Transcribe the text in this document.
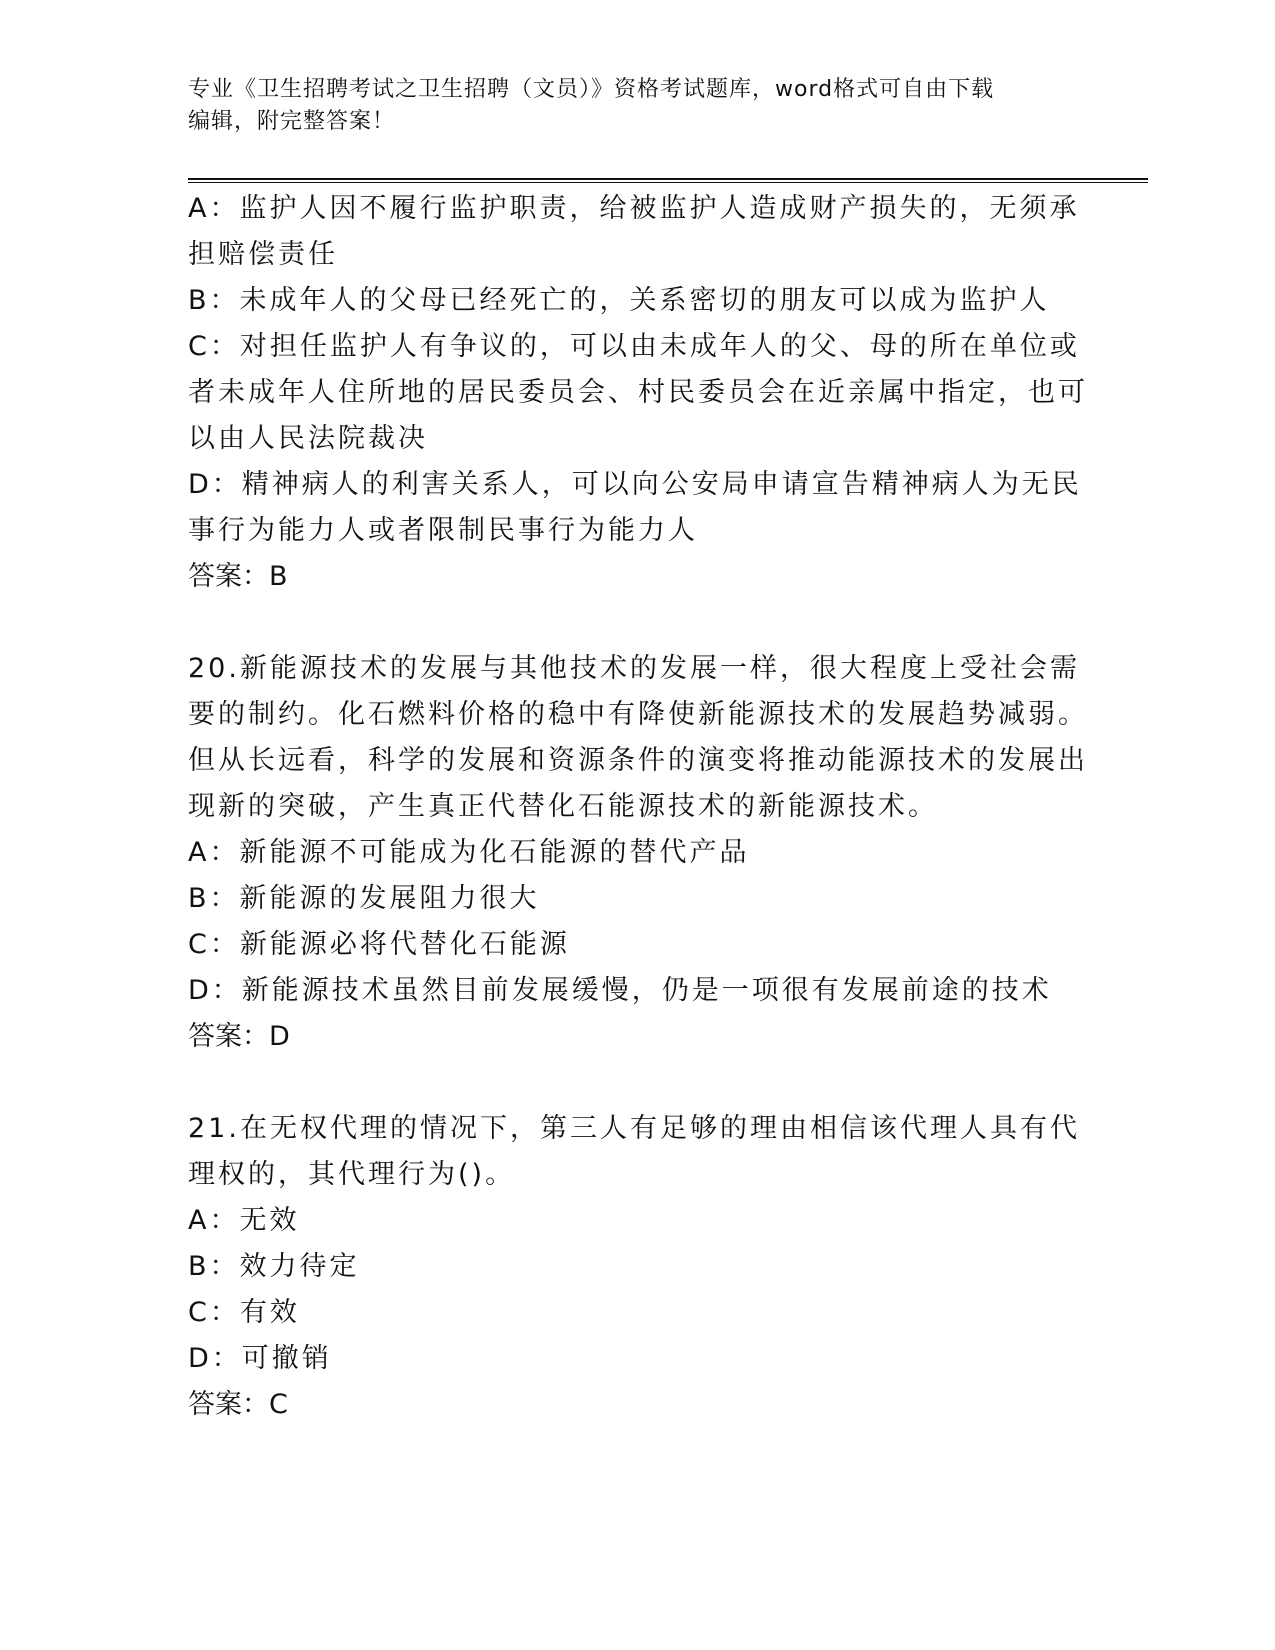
专业《卫生招聘考试之卫生招聘（文员）》资格考试题库，word格式可自由下载
编辑，附完整答案！

A：监护人因不履行监护职责，给被监护人造成财产损失的，无须承担赔偿责任

B：未成年人的父母已经死亡的，关系密切的朋友可以成为监护人

C：对担任监护人有争议的，可以由未成年人的父、母的所在单位或者未成年人住所地的居民委员会、村民委员会在近亲属中指定，也可以由人民法院裁决

D：精神病人的利害关系人，可以向公安局申请宣告精神病人为无民事行为能力人或者限制民事行为能力人

答案：B

20.新能源技术的发展与其他技术的发展一样，很大程度上受社会需要的制约。化石燃料价格的稳中有降使新能源技术的发展趋势减弱。但从长远看，科学的发展和资源条件的演变将推动能源技术的发展出现新的突破，产生真正代替化石能源技术的新能源技术。

A：新能源不可能成为化石能源的替代产品

B：新能源的发展阻力很大

C：新能源必将代替化石能源

D：新能源技术虽然目前发展缓慢，仍是一项很有发展前途的技术

答案：D

21.在无权代理的情况下，第三人有足够的理由相信该代理人具有代理权的，其代理行为()。

A：无效

B：效力待定

C：有效

D：可撤销

答案：C
